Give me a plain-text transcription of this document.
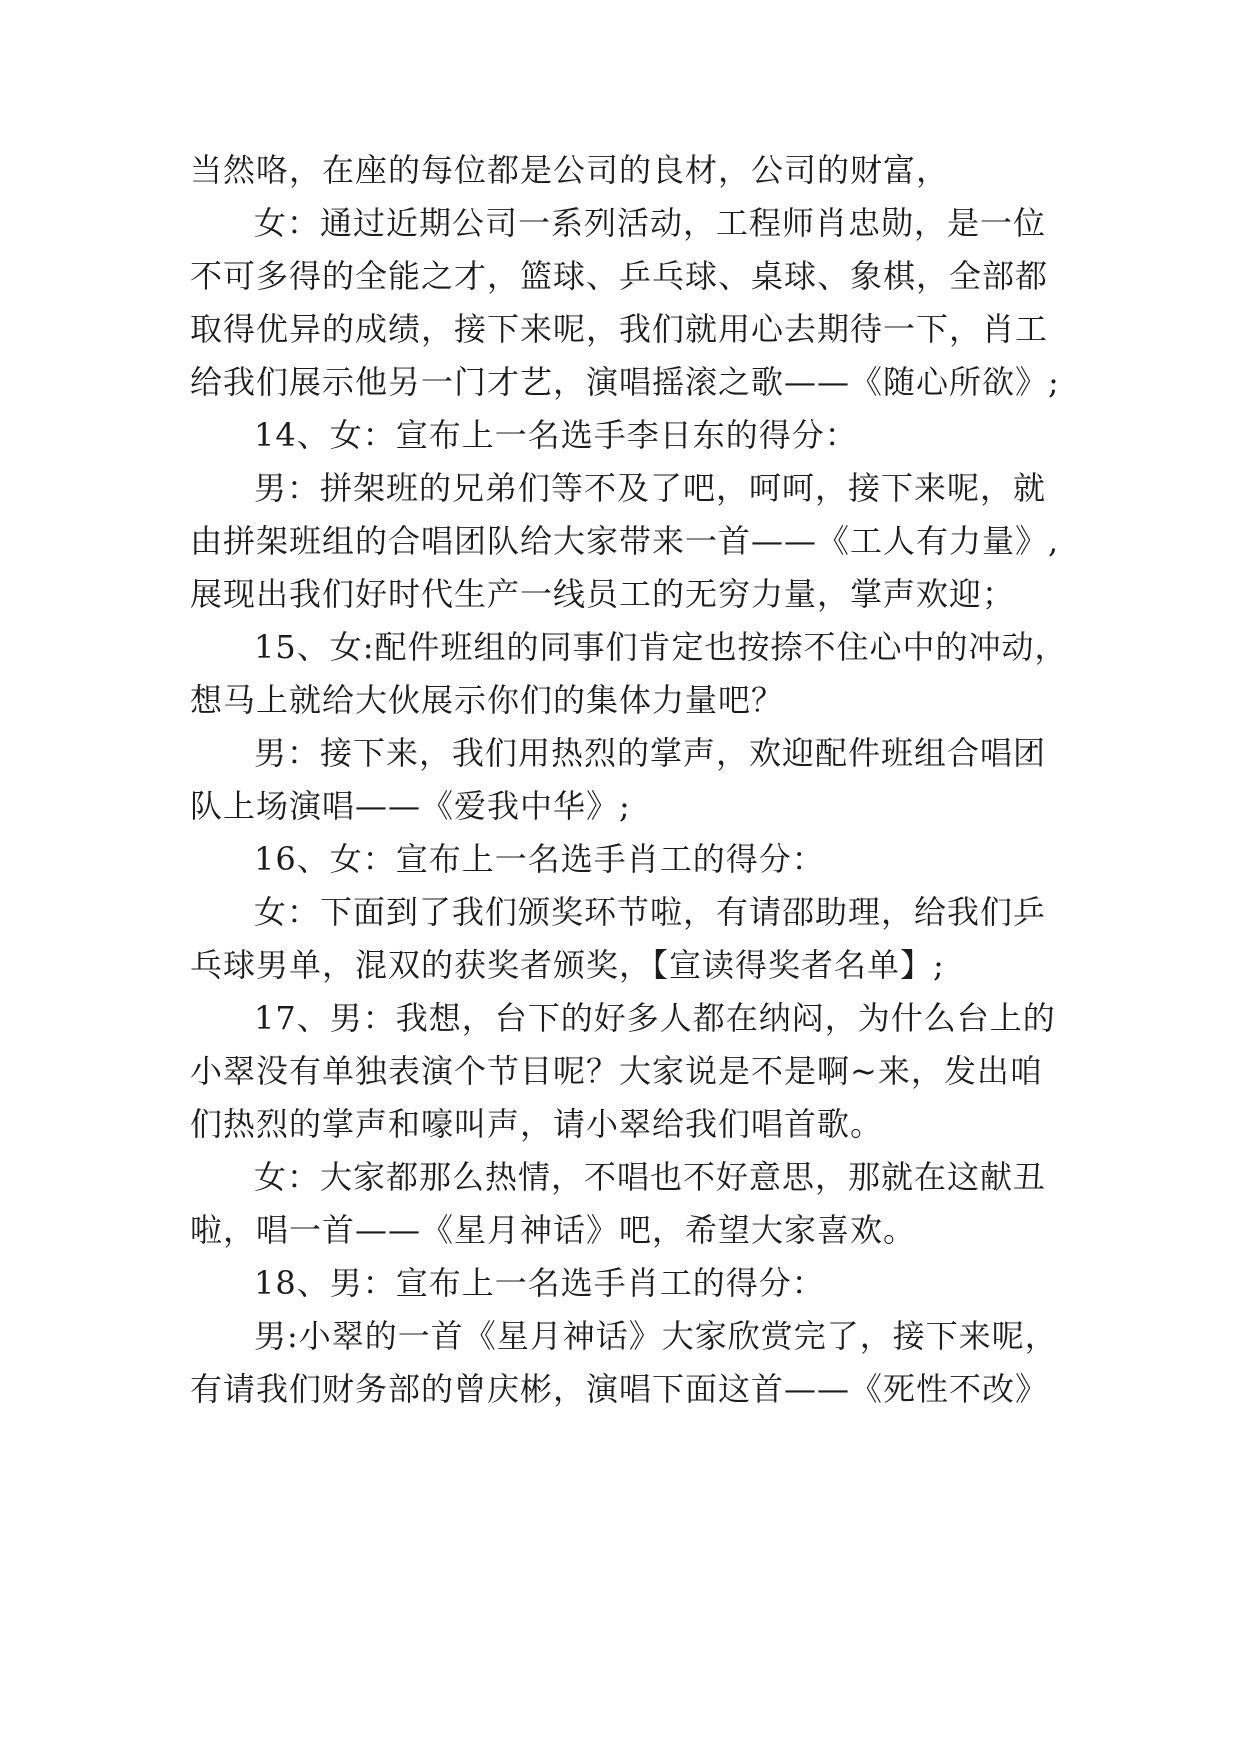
当然咯，在座的每位都是公司的良材，公司的财富，
女：通过近期公司一系列活动，工程师肖忠勋，是一位
不可多得的全能之才，篮球、乒乓球、桌球、象棋，全部都
取得优异的成绩，接下来呢，我们就用心去期待一下，肖工
给我们展示他另一门才艺，演唱摇滚之歌——《随心所欲》;
14、女：宣布上一名选手李日东的得分：
男：拼架班的兄弟们等不及了吧，呵呵，接下来呢，就
由拼架班组的合唱团队给大家带来一首——《工人有力量》,
展现出我们好时代生产一线员工的无穷力量，掌声欢迎；
15、女:配件班组的同事们肯定也按捺不住心中的冲动，
想马上就给大伙展示你们的集体力量吧？
男：接下来，我们用热烈的掌声，欢迎配件班组合唱团
队上场演唱——《爱我中华》;
16、女：宣布上一名选手肖工的得分：
女：下面到了我们颁奖环节啦，有请邵助理，给我们乒
乓球男单，混双的获奖者颁奖，【宣读得奖者名单】;
17、男：我想，台下的好多人都在纳闷，为什么台上的
小翠没有单独表演个节目呢？大家说是不是啊~来，发出咱
们热烈的掌声和嚎叫声，请小翠给我们唱首歌。
女：大家都那么热情，不唱也不好意思，那就在这献丑
啦，唱一首——《星月神话》吧，希望大家喜欢。
18、男：宣布上一名选手肖工的得分：
男:小翠的一首《星月神话》大家欣赏完了，接下来呢，
有请我们财务部的曾庆彬，演唱下面这首——《死性不改》
